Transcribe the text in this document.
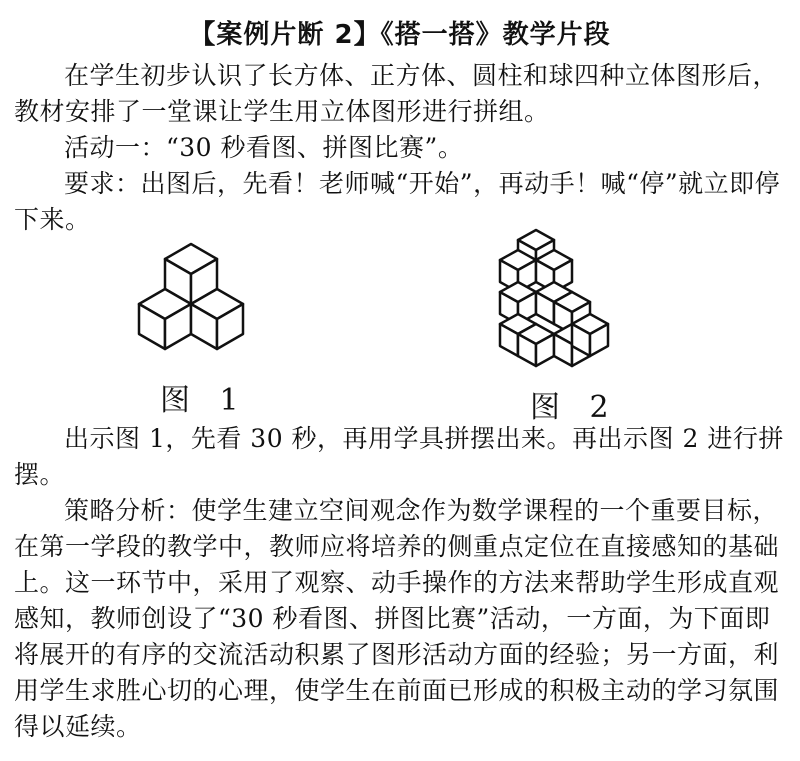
【案例片断 2】《搭一搭》教学片段
在学生初步认识了长方体、正方体、圆柱和球四种立体图形后，教材安排了一堂课让学生用立体图形进行拼组。
活动一：“30 秒看图、拼图比赛”。
要求：出图后，先看！老师喊“开始”，再动手！喊“停”就立即停下来。
图 1	图 2
出示图 1，先看 30 秒，再用学具拼摆出来。再出示图 2 进行拼摆。
策略分析：使学生建立空间观念作为数学课程的一个重要目标，在第一学段的教学中，教师应将培养的侧重点定位在直接感知的基础上。这一环节中，采用了观察、动手操作的方法来帮助学生形成直观感知，教师创设了“30 秒看图、拼图比赛”活动，一方面，为下面即将展开的有序的交流活动积累了图形活动方面的经验；另一方面，利用学生求胜心切的心理，使学生在前面已形成的积极主动的学习氛围得以延续。
